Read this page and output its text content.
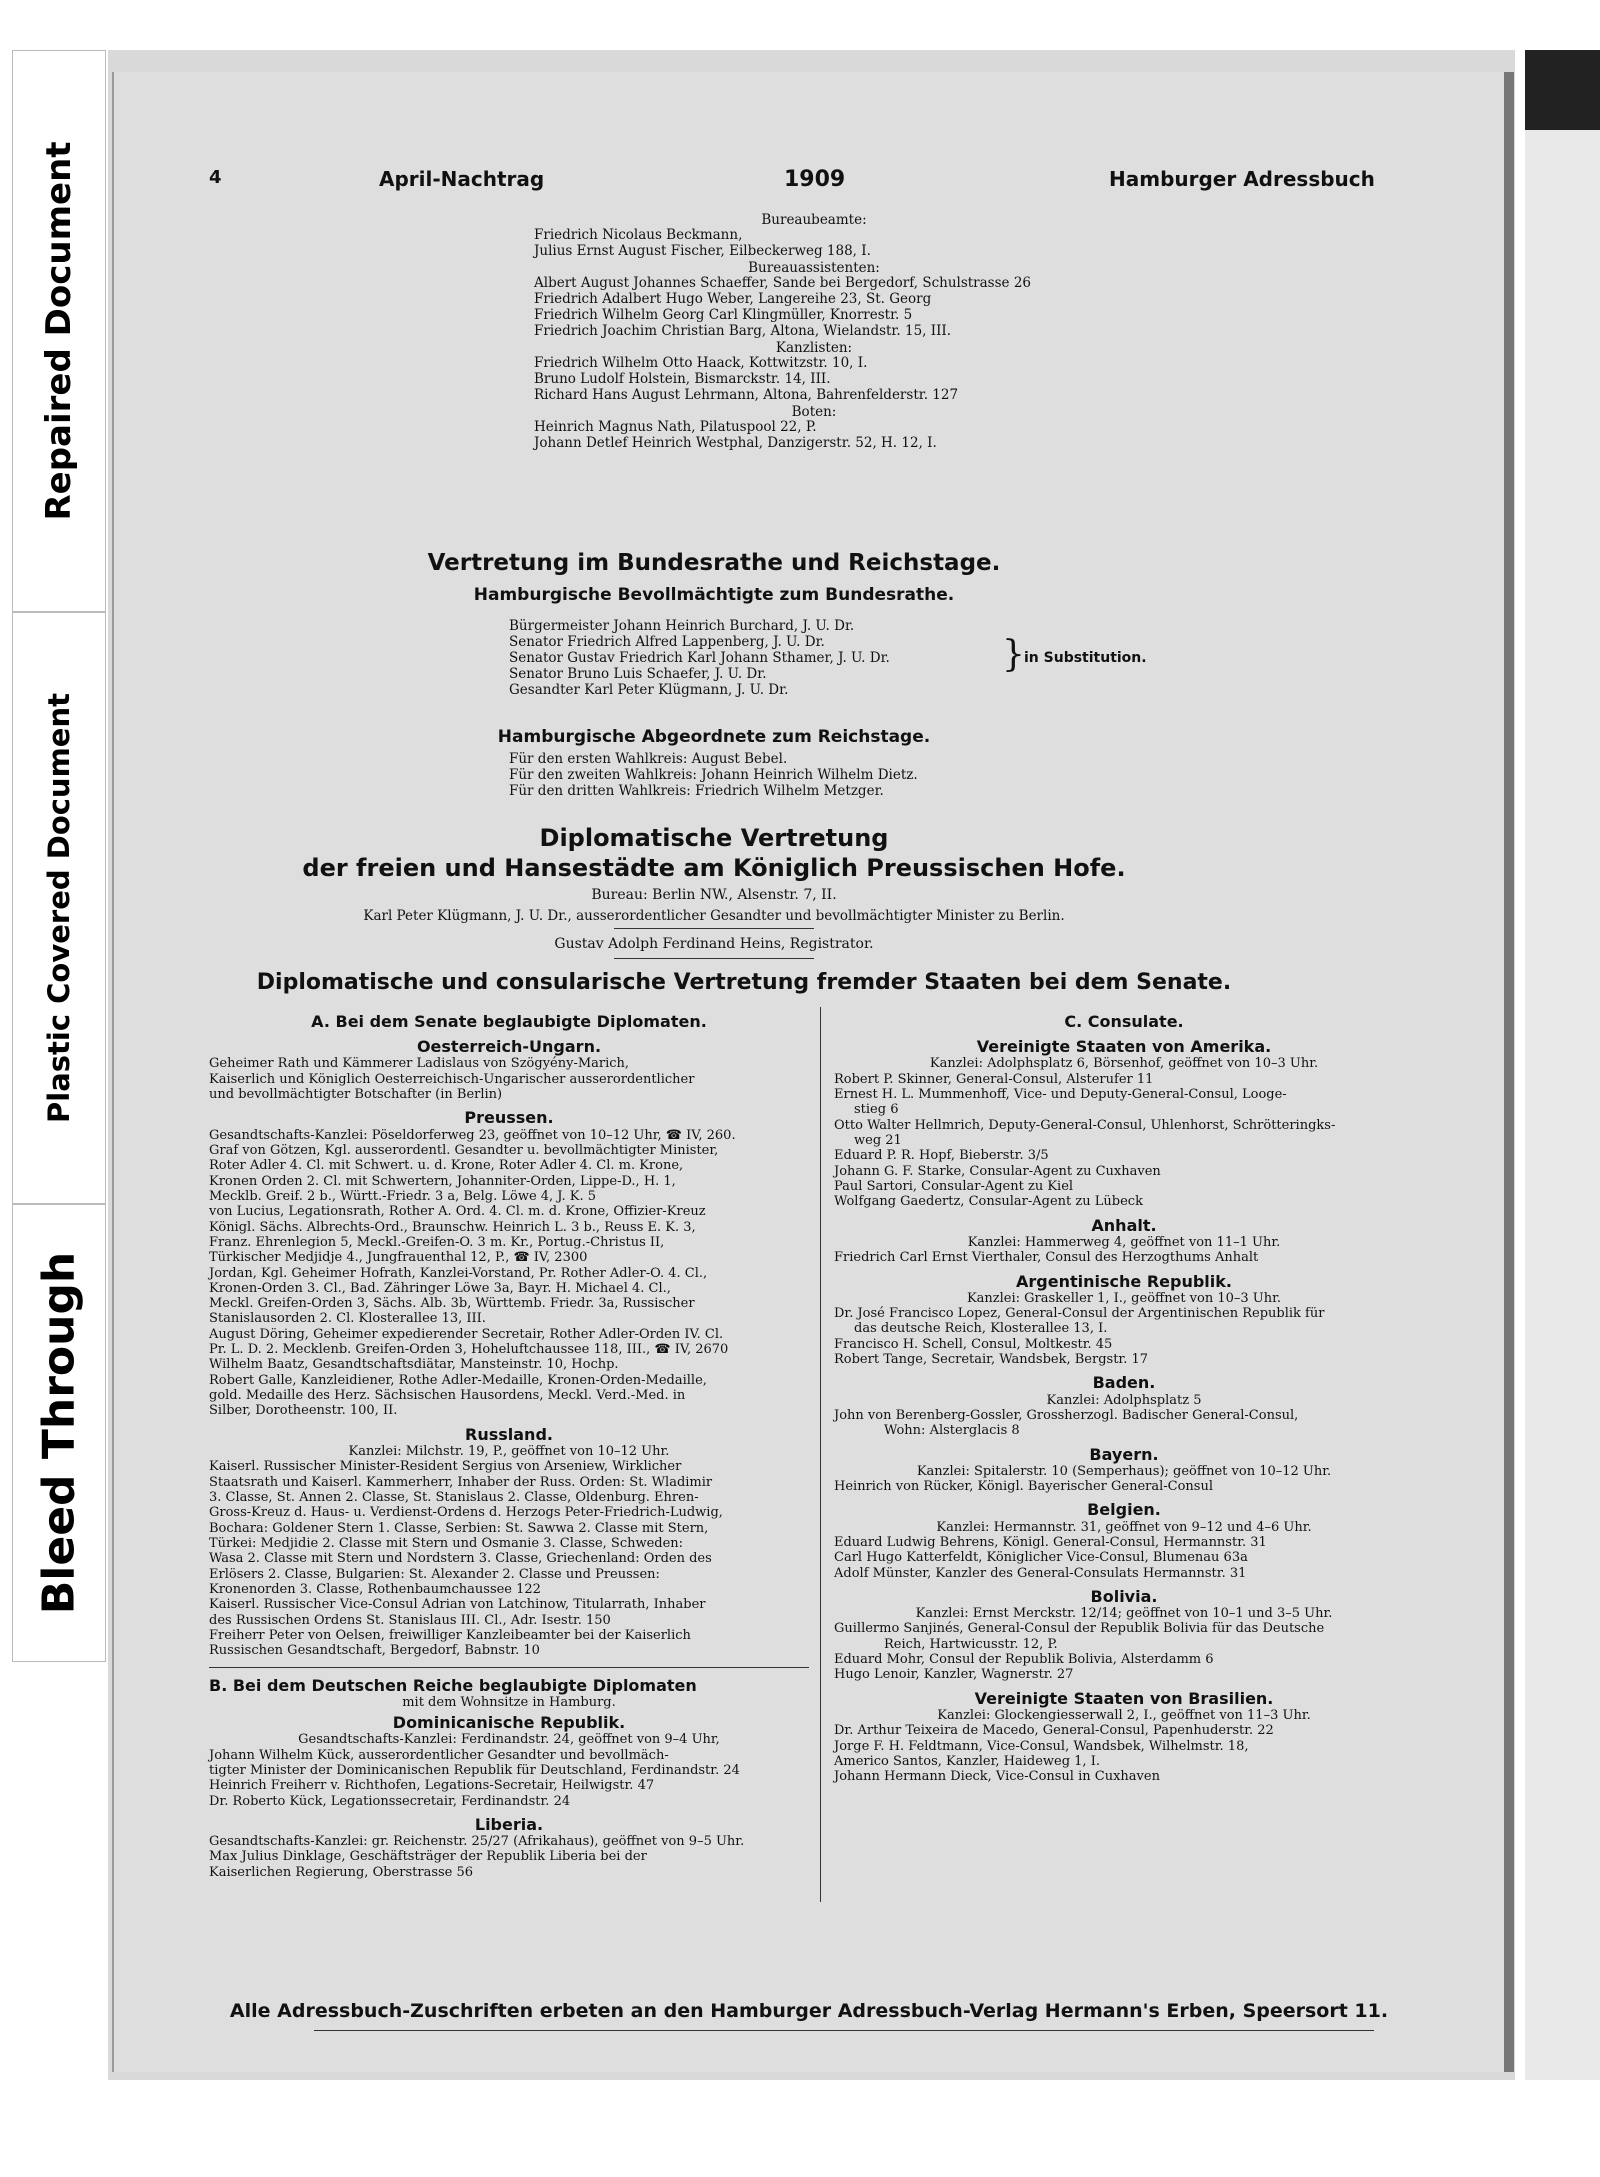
Repaired Document
Plastic Covered Document
Bleed Through
4	April-Nachtrag	1909	Hamburger Adressbuch

Bureaubeamte:

Friedrich Nicolaus Beckmann,

Julius Ernst August Fischer, Eilbeckerweg 188, I.

Bureauassistenten:

Albert August Johannes Schaeffer, Sande bei Bergedorf, Schulstrasse 26

Friedrich Adalbert Hugo Weber, Langereihe 23, St. Georg

Friedrich Wilhelm Georg Carl Klingmüller, Knorrestr. 5

Friedrich Joachim Christian Barg, Altona, Wielandstr. 15, III.

Kanzlisten:

Friedrich Wilhelm Otto Haack, Kottwitzstr. 10, I.

Bruno Ludolf Holstein, Bismarckstr. 14, III.

Richard Hans August Lehrmann, Altona, Bahrenfelderstr. 127

Boten:

Heinrich Magnus Nath, Pilatuspool 22, P.

Johann Detlef Heinrich Westphal, Danzigerstr. 52, H. 12, I.

Vertretung im Bundesrathe und Reichstage.
Hamburgische Bevollmächtigte zum Bundesrathe.

Bürgermeister Johann Heinrich Burchard, J. U. Dr.

Senator Friedrich Alfred Lappenberg, J. U. Dr.

Senator Gustav Friedrich Karl Johann Sthamer, J. U. Dr.

Senator Bruno Luis Schaefer, J. U. Dr.

Gesandter Karl Peter Klügmann, J. U. Dr.

} in Substitution.
Hamburgische Abgeordnete zum Reichstage.

Für den ersten Wahlkreis: August Bebel.

Für den zweiten Wahlkreis: Johann Heinrich Wilhelm Dietz.

Für den dritten Wahlkreis: Friedrich Wilhelm Metzger.

Diplomatische Vertretung
der freien und Hansestädte am Königlich Preussischen Hofe.
Bureau: Berlin NW., Alsenstr. 7, II.
Karl Peter Klügmann, J. U. Dr., ausserordentlicher Gesandter und bevollmächtigter Minister zu Berlin.
Gustav Adolph Ferdinand Heins, Registrator.
Diplomatische und consularische Vertretung fremder Staaten bei dem Senate.

A. Bei dem Senate beglaubigte Diplomaten.

Oesterreich-Ungarn.

Geheimer Rath und Kämmerer Ladislaus von Szögyény-Marich,

Kaiserlich und Königlich Oesterreichisch-Ungarischer ausserordentlicher

und bevollmächtigter Botschafter (in Berlin)

Preussen.

Gesandtschafts-Kanzlei: Pöseldorferweg 23, geöffnet von 10–12 Uhr, ☎ IV, 260.

Graf von Götzen, Kgl. ausserordentl. Gesandter u. bevollmächtigter Minister,

Roter Adler 4. Cl. mit Schwert. u. d. Krone, Roter Adler 4. Cl. m. Krone,

Kronen Orden 2. Cl. mit Schwertern, Johanniter-Orden, Lippe-D., H. 1,

Mecklb. Greif. 2 b., Württ.-Friedr. 3 a, Belg. Löwe 4, J. K. 5

von Lucius, Legationsrath, Rother A. Ord. 4. Cl. m. d. Krone, Offizier-Kreuz

Königl. Sächs. Albrechts-Ord., Braunschw. Heinrich L. 3 b., Reuss E. K. 3,

Franz. Ehrenlegion 5, Meckl.-Greifen-O. 3 m. Kr., Portug.-Christus II,

Türkischer Medjidje 4., Jungfrauenthal 12, P., ☎ IV, 2300

Jordan, Kgl. Geheimer Hofrath, Kanzlei-Vorstand, Pr. Rother Adler-O. 4. Cl.,

Kronen-Orden 3. Cl., Bad. Zähringer Löwe 3a, Bayr. H. Michael 4. Cl.,

Meckl. Greifen-Orden 3, Sächs. Alb. 3b, Württemb. Friedr. 3a, Russischer

Stanislausorden 2. Cl. Klosterallee 13, III.

August Döring, Geheimer expedierender Secretair, Rother Adler-Orden IV. Cl.

Pr. L. D. 2. Mecklenb. Greifen-Orden 3, Hoheluftchaussee 118, III., ☎ IV, 2670

Wilhelm Baatz, Gesandtschaftsdiätar, Mansteinstr. 10, Hochp.

Robert Galle, Kanzleidiener, Rothe Adler-Medaille, Kronen-Orden-Medaille,

gold. Medaille des Herz. Sächsischen Hausordens, Meckl. Verd.-Med. in

Silber, Dorotheenstr. 100, II.

Russland.

Kanzlei: Milchstr. 19, P., geöffnet von 10–12 Uhr.

Kaiserl. Russischer Minister-Resident Sergius von Arseniew, Wirklicher

Staatsrath und Kaiserl. Kammerherr, Inhaber der Russ. Orden: St. Wladimir

3. Classe, St. Annen 2. Classe, St. Stanislaus 2. Classe, Oldenburg. Ehren-

Gross-Kreuz d. Haus- u. Verdienst-Ordens d. Herzogs Peter-Friedrich-Ludwig,

Bochara: Goldener Stern 1. Classe, Serbien: St. Sawwa 2. Classe mit Stern,

Türkei: Medjidie 2. Classe mit Stern und Osmanie 3. Classe, Schweden:

Wasa 2. Classe mit Stern und Nordstern 3. Classe, Griechenland: Orden des

Erlösers 2. Classe, Bulgarien: St. Alexander 2. Classe und Preussen:

Kronenorden 3. Classe, Rothenbaumchaussee 122

Kaiserl. Russischer Vice-Consul Adrian von Latchinow, Titularrath, Inhaber

des Russischen Ordens St. Stanislaus III. Cl., Adr. Isestr. 150

Freiherr Peter von Oelsen, freiwilliger Kanzleibeamter bei der Kaiserlich

Russischen Gesandtschaft, Bergedorf, Babnstr. 10

B. Bei dem Deutschen Reiche beglaubigte Diplomaten

mit dem Wohnsitze in Hamburg.

Dominicanische Republik.

Gesandtschafts-Kanzlei: Ferdinandstr. 24, geöffnet von 9–4 Uhr,

Johann Wilhelm Kück, ausserordentlicher Gesandter und bevollmäch-

tigter Minister der Dominicanischen Republik für Deutschland, Ferdinandstr. 24

Heinrich Freiherr v. Richthofen, Legations-Secretair, Heilwigstr. 47

Dr. Roberto Kück, Legationssecretair, Ferdinandstr. 24

Liberia.

Gesandtschafts-Kanzlei: gr. Reichenstr. 25/27 (Afrikahaus), geöffnet von 9–5 Uhr.

Max Julius Dinklage, Geschäftsträger der Republik Liberia bei der

Kaiserlichen Regierung, Oberstrasse 56

C. Consulate.

Vereinigte Staaten von Amerika.

Kanzlei: Adolphsplatz 6, Börsenhof, geöffnet von 10–3 Uhr.

Robert P. Skinner, General-Consul, Alsterufer 11

Ernest H. L. Mummenhoff, Vice- und Deputy-General-Consul, Looge-

stieg 6

Otto Walter Hellmrich, Deputy-General-Consul, Uhlenhorst, Schrötteringks-

weg 21

Eduard P. R. Hopf, Bieberstr. 3/5

Johann G. F. Starke, Consular-Agent zu Cuxhaven

Paul Sartori, Consular-Agent zu Kiel

Wolfgang Gaedertz, Consular-Agent zu Lübeck

Anhalt.

Kanzlei: Hammerweg 4, geöffnet von 11–1 Uhr.

Friedrich Carl Ernst Vierthaler, Consul des Herzogthums Anhalt

Argentinische Republik.

Kanzlei: Graskeller 1, I., geöffnet von 10–3 Uhr.

Dr. José Francisco Lopez, General-Consul der Argentinischen Republik für

das deutsche Reich, Klosterallee 13, I.

Francisco H. Schell, Consul, Moltkestr. 45

Robert Tange, Secretair, Wandsbek, Bergstr. 17

Baden.

Kanzlei: Adolphsplatz 5

John von Berenberg-Gossler, Grossherzogl. Badischer General-Consul,

Wohn: Alsterglacis 8

Bayern.

Kanzlei: Spitalerstr. 10 (Semperhaus); geöffnet von 10–12 Uhr.

Heinrich von Rücker, Königl. Bayerischer General-Consul

Belgien.

Kanzlei: Hermannstr. 31, geöffnet von 9–12 und 4–6 Uhr.

Eduard Ludwig Behrens, Königl. General-Consul, Hermannstr. 31

Carl Hugo Katterfeldt, Königlicher Vice-Consul, Blumenau 63a

Adolf Münster, Kanzler des General-Consulats Hermannstr. 31

Bolivia.

Kanzlei: Ernst Merckstr. 12/14; geöffnet von 10–1 und 3–5 Uhr.

Guillermo Sanjinés, General-Consul der Republik Bolivia für das Deutsche

Reich, Hartwicusstr. 12, P.

Eduard Mohr, Consul der Republik Bolivia, Alsterdamm 6

Hugo Lenoir, Kanzler, Wagnerstr. 27

Vereinigte Staaten von Brasilien.

Kanzlei: Glockengiesserwall 2, I., geöffnet von 11–3 Uhr.

Dr. Arthur Teixeira de Macedo, General-Consul, Papenhuderstr. 22

Jorge F. H. Feldtmann, Vice-Consul, Wandsbek, Wilhelmstr. 18,

Americo Santos, Kanzler, Haideweg 1, I.

Johann Hermann Dieck, Vice-Consul in Cuxhaven

Alle Adressbuch-Zuschriften erbeten an den Hamburger Adressbuch-Verlag Hermann's Erben, Speersort 11.
